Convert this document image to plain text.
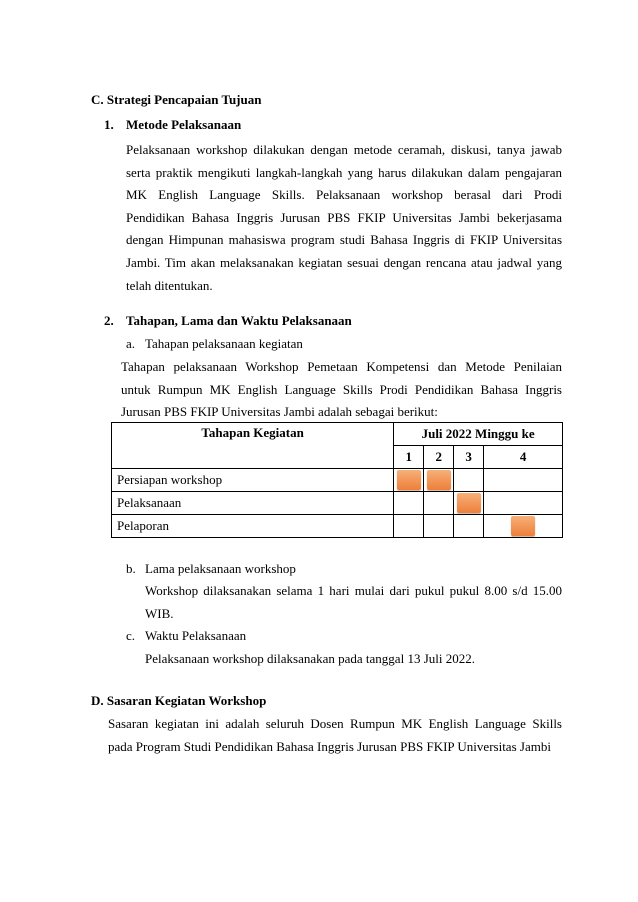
C. Strategi Pencapaian Tujuan
1. Metode Pelaksanaan
Pelaksanaan workshop dilakukan dengan metode ceramah, diskusi, tanya jawab
serta praktik mengikuti langkah-langkah yang harus dilakukan dalam pengajaran
MK English Language Skills. Pelaksanaan workshop berasal dari Prodi
Pendidikan Bahasa Inggris Jurusan PBS FKIP Universitas Jambi bekerjasama
dengan Himpunan mahasiswa program studi Bahasa Inggris di FKIP Universitas
Jambi. Tim akan melaksanakan kegiatan sesuai dengan rencana atau jadwal yang
telah ditentukan.
2. Tahapan, Lama dan Waktu Pelaksanaan
a. Tahapan pelaksanaan kegiatan
Tahapan pelaksanaan Workshop Pemetaan Kompetensi dan Metode Penilaian
untuk Rumpun MK English Language Skills Prodi Pendidikan Bahasa Inggris
Jurusan PBS FKIP Universitas Jambi adalah sebagai berikut:
Tahapan Kegiatan	Juli 2022 Minggu ke			
	1	2	3	4
Persiapan workshop	

Pelaksanaan			

Pelaporan				
b. Lama pelaksanaan workshop
Workshop dilaksanakan selama 1 hari mulai dari pukul pukul 8.00 s/d 15.00
WIB.
c. Waktu Pelaksanaan
Pelaksanaan workshop dilaksanakan pada tanggal 13 Juli 2022.
D. Sasaran Kegiatan Workshop
Sasaran kegiatan ini adalah seluruh Dosen Rumpun MK English Language Skills
pada Program Studi Pendidikan Bahasa Inggris Jurusan PBS FKIP Universitas Jambi
